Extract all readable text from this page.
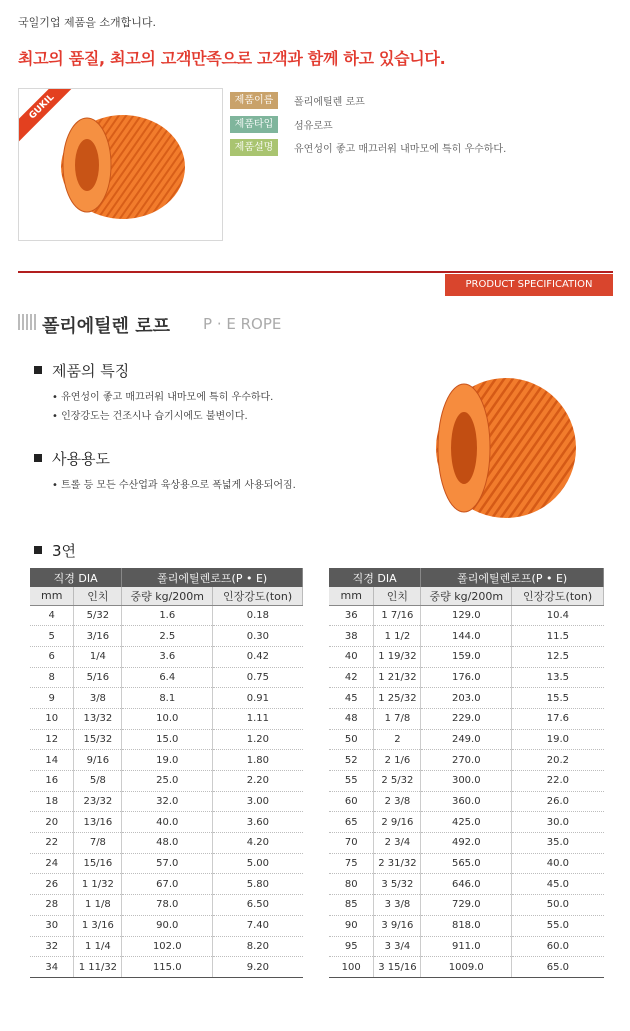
국일기업 제품을 소개합니다.
최고의 품질, 최고의 고객만족으로 고객과 함께 하고 있습니다.
GUKIL	제품이름	폴리에틸렌 로프
제품타입	섬유로프
제품설명	유연성이 좋고 매끄러워 내마모에 특히 우수하다.
PRODUCT SPECIFICATION
폴리에틸렌 로프 P · E ROPE
제품의 특징
• 유연성이 좋고 매끄러워 내마모에 특히 우수하다.
• 인장강도는 건조시나 습기시에도 불변이다.
사용용도
• 트롤 등 모든 수산업과 육상용으로 폭넓게 사용되어짐.
3연
직경 DIA		폴리에틸렌로프(P • E)	
mm	인치	중량 kg/200m	인장강도(ton)
4	5/32	1.6	0.18
5	3/16	2.5	0.30
6	1/4	3.6	0.42
8	5/16	6.4	0.75
9	3/8	8.1	0.91
10	13/32	10.0	1.11
12	15/32	15.0	1.20
14	9/16	19.0	1.80
16	5/8	25.0	2.20
18	23/32	32.0	3.00
20	13/16	40.0	3.60
22	7/8	48.0	4.20
24	15/16	57.0	5.00
26	1 1/32	67.0	5.80
28	1 1/8	78.0	6.50
30	1 3/16	90.0	7.40
32	1 1/4	102.0	8.20
34	1 11/32	115.0	9.20
직경 DIA		폴리에틸렌로프(P • E)	
mm	인치	중량 kg/200m	인장강도(ton)
36	1 7/16	129.0	10.4
38	1 1/2	144.0	11.5
40	1 19/32	159.0	12.5
42	1 21/32	176.0	13.5
45	1 25/32	203.0	15.5
48	1 7/8	229.0	17.6
50	2	249.0	19.0
52	2 1/6	270.0	20.2
55	2 5/32	300.0	22.0
60	2 3/8	360.0	26.0
65	2 9/16	425.0	30.0
70	2 3/4	492.0	35.0
75	2 31/32	565.0	40.0
80	3 5/32	646.0	45.0
85	3 3/8	729.0	50.0
90	3 9/16	818.0	55.0
95	3 3/4	911.0	60.0
100	3 15/16	1009.0	65.0
